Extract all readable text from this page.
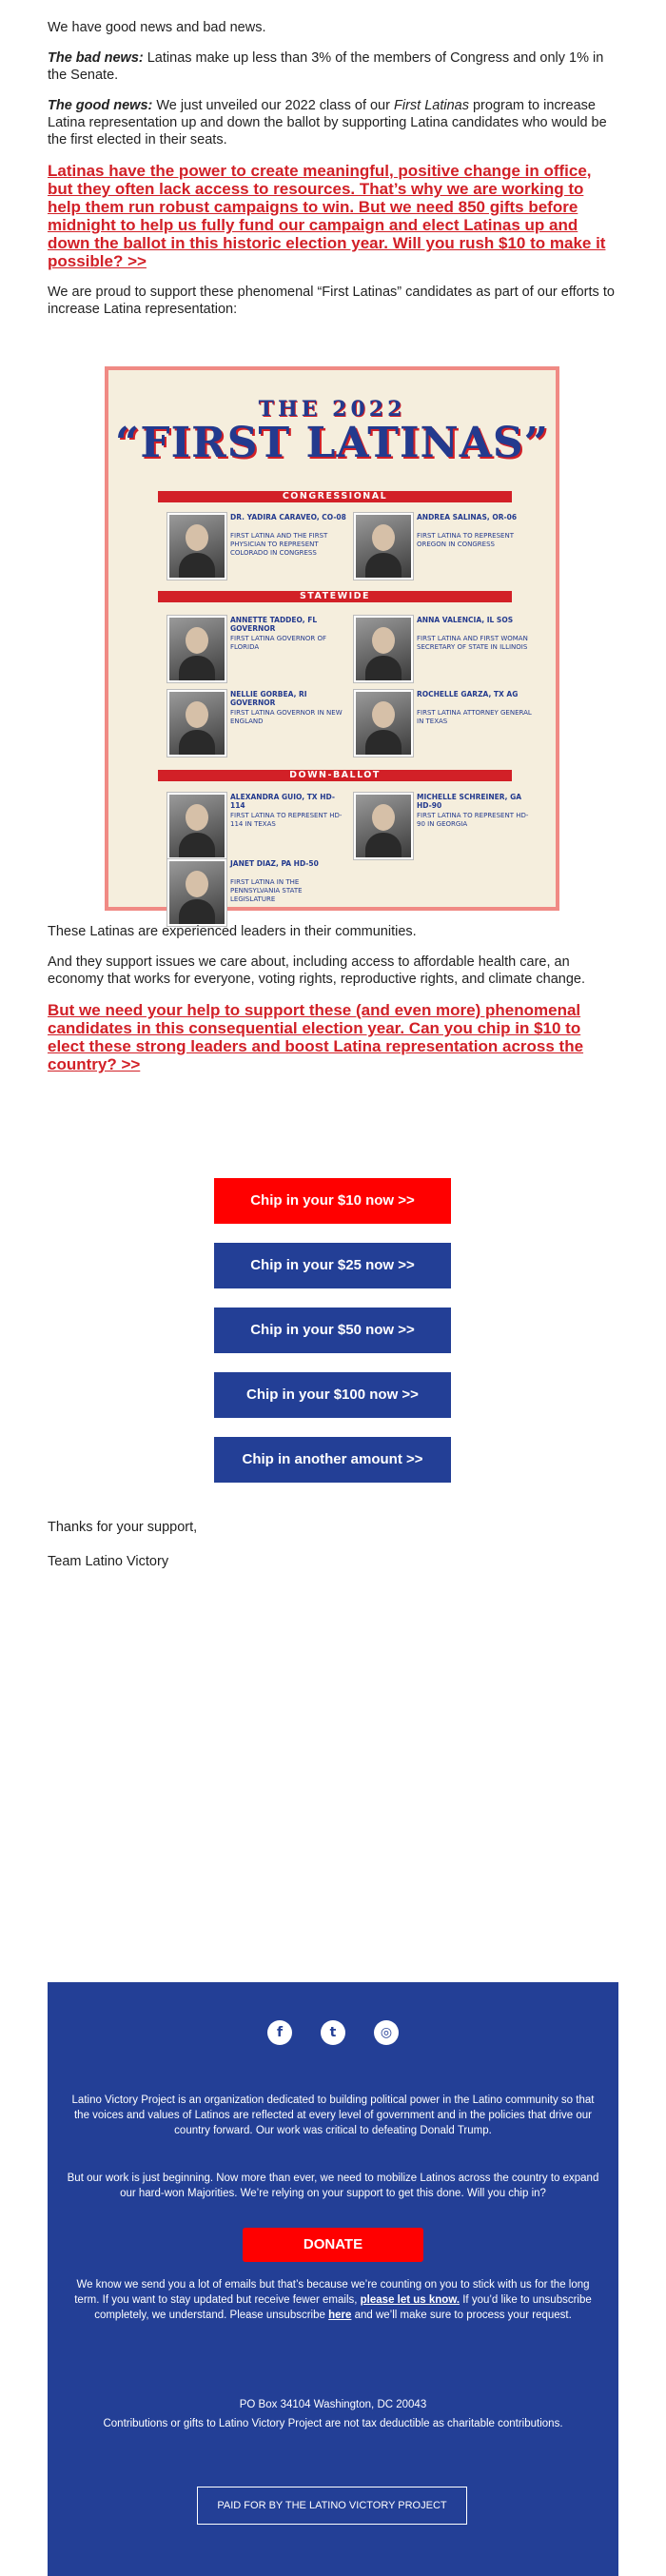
We have good news and bad news.

The bad news: Latinas make up less than 3% of the members of Congress and only 1% in the Senate.

The good news: We just unveiled our 2022 class of our First Latinas program to increase Latina representation up and down the ballot by supporting Latina candidates who would be the first elected in their seats.

Latinas have the power to create meaningful, positive change in office, but they often lack access to resources. That’s why we are working to help them run robust campaigns to win. But we need 850 gifts before midnight to help us fully fund our campaign and elect Latinas up and down the ballot in this historic election year. Will you rush $10 to make it possible? >>

We are proud to support these phenomenal “First Latinas” candidates as part of our efforts to increase Latina representation:

THE 2022
“FIRST LATINAS”
CONGRESSIONAL
DR. YADIRA CARAVEO, CO-08
FIRST LATINA AND THE FIRST PHYSICIAN TO REPRESENT COLORADO IN CONGRESS
ANDREA SALINAS, OR-06
FIRST LATINA TO REPRESENT OREGON IN CONGRESS
STATEWIDE
ANNETTE TADDEO, FL GOVERNOR
FIRST LATINA GOVERNOR OF FLORIDA
ANNA VALENCIA, IL SOS
FIRST LATINA AND FIRST WOMAN SECRETARY OF STATE IN ILLINOIS
NELLIE GORBEA, RI GOVERNOR
FIRST LATINA GOVERNOR IN NEW ENGLAND
ROCHELLE GARZA, TX AG
FIRST LATINA ATTORNEY GENERAL IN TEXAS
DOWN-BALLOT
ALEXANDRA GUIO, TX HD-114
FIRST LATINA TO REPRESENT HD-114 IN TEXAS
MICHELLE SCHREINER, GA HD-90
FIRST LATINA TO REPRESENT HD-90 IN GEORGIA
JANET DIAZ, PA HD-50
FIRST LATINA IN THE PENNSYLVANIA STATE LEGISLATURE

These Latinas are experienced leaders in their communities.

And they support issues we care about, including access to affordable health care, an economy that works for everyone, voting rights, reproductive rights, and climate change.

But we need your help to support these (and even more) phenomenal candidates in this consequential election year. Can you chip in $10 to elect these strong leaders and boost Latina representation across the country? >>
Chip in your $10 now >>
Chip in your $25 now >>
Chip in your $50 now >>
Chip in your $100 now >>
Chip in another amount >>
Thanks for your support,
Team Latino Victory
f	t	◎

Latino Victory Project is an organization dedicated to building political power in the Latino community so that the voices and values of Latinos are reflected at every level of government and in the policies that drive our country forward. Our work was critical to defeating Donald Trump.

But our work is just beginning. Now more than ever, we need to mobilize Latinos across the country to expand our hard-won Majorities. We’re relying on your support to get this done. Will you chip in?

DONATE

We know we send you a lot of emails but that’s because we’re counting on you to stick with us for the long term. If you want to stay updated but receive fewer emails, please let us know. If you’d like to unsubscribe completely, we understand. Please unsubscribe here and we’ll make sure to process your request.

PO Box 34104 Washington, DC 20043

Contributions or gifts to Latino Victory Project are not tax deductible as charitable contributions.

PAID FOR BY THE LATINO VICTORY PROJECT
